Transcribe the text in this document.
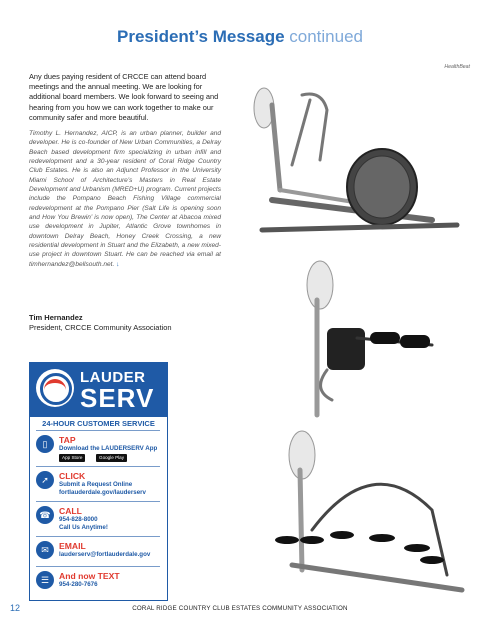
President’s Message continued
Any dues paying resident of CRCCE can attend board meetings and the annual meeting. We are looking for additional board members. We look forward to seeing and hearing from you how we can work together to make our community safer and more beautiful.
Timothy L. Hernandez, AICP, is an urban planner, builder and developer. He is co-founder of New Urban Communities, a Delray Beach based development firm specializing in urban infill and redevelopment and a 30-year resident of Coral Ridge Country Club Estates. He is also an Adjunct Professor in the University Miami School of Architecture’s Masters in Real Estate Development and Urbanism (MRED+U) program. Current projects include the Pompano Beach Fishing Village commercial redevelopment at the Pompano Pier (Salt Life is opening soon and How You Brewin’ is now open), The Center at Abacoa mixed use development in Jupiter, Atlantic Grove townhomes in downtown Delray Beach, Honey Creek Crossing, a new residential development in Stuart and the Elizabeth, a new mixed-use project in downtown Stuart. He can be reached via email at timhernandez@bellsouth.net. ↓
Tim Hernandez
President, CRCCE Community Association
LAUDER
SERV
24-HOUR CUSTOMER SERVICE
▯	TAP
Download the LAUDERSERV App
App Store	Google Play
➚	CLICK
Submit a Request Online
fortlauderdale.gov/lauderserv
☎ CALL
954-828-8000
Call Us Anytime!
✉	EMAIL
lauderserv@fortlauderdale.gov
☰	And now TEXT
954-280-7676
HealthBeat
12	CORAL RIDGE COUNTRY CLUB ESTATES COMMUNITY ASSOCIATION
